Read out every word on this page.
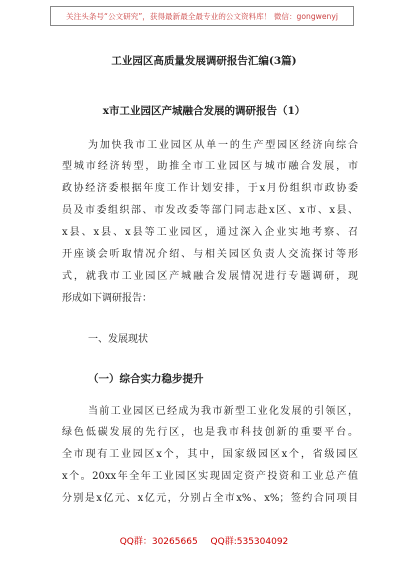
关注头条号“公文研究”，获得最新最全最专业的公文资料库！ 微信：gongwenyj
工业园区高质量发展调研报告汇编(3篇)
x市工业园区产城融合发展的调研报告（1）
为加快我市工业园区从单一的生产型园区经济向综合
型城市经济转型，助推全市工业园区与城市融合发展，市
政协经济委根据年度工作计划安排，于x月份组织市政协委
员及市委组织部、市发改委等部门同志赴x区、x市、x县、
x县、x县、x县等工业园区，通过深入企业实地考察、召
开座谈会听取情况介绍、与相关园区负责人交流探讨等形
式，就我市工业园区产城融合发展情况进行专题调研，现
形成如下调研报告：
一、发展现状
（一）综合实力稳步提升
当前工业园区已经成为我市新型工业化发展的引领区，
绿色低碳发展的先行区，也是我市科技创新的重要平台。
全市现有工业园区x个，其中，国家级园区x个，省级园区
x个。20xx年全年工业园区实现固定资产投资和工业总产值
分别是x亿元、x亿元，分别占全市x%、x%；签约合同项目
QQ群：30265665 QQ群:535304092
